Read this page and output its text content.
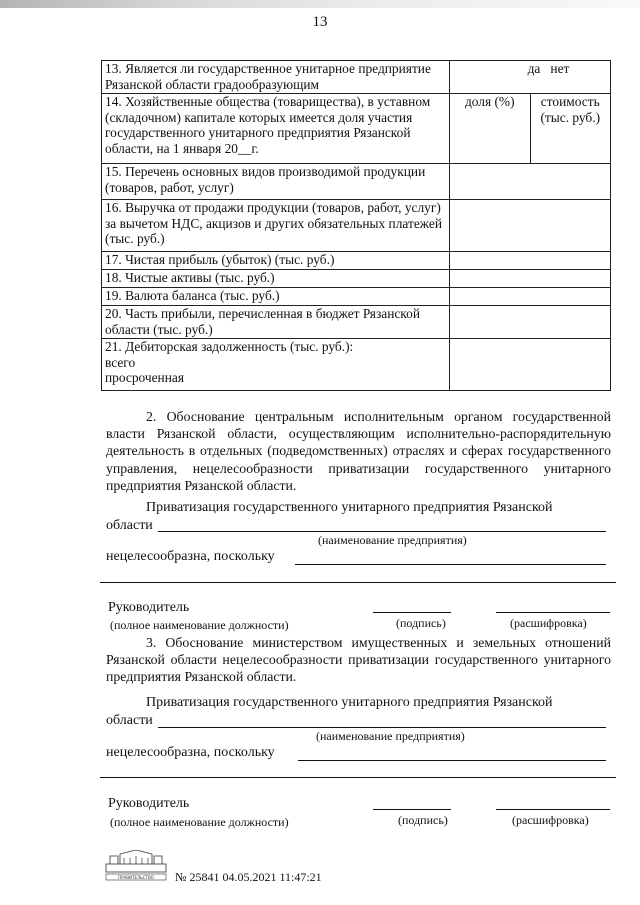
13
13. Является ли государственное унитарное предприятие Рязанской области градообразующим	да нет	
14. Хозяйственные общества (товарищества), в уставном (складочном) капитале которых имеется доля участия государственного унитарного предприятия Рязанской области, на 1 января 20__г.	доля (%)	стоимость (тыс. руб.)
15. Перечень основных видов производимой продукции (товаров, работ, услуг)		
16. Выручка от продажи продукции (товаров, работ, услуг) за вычетом НДС, акцизов и других обязательных платежей (тыс. руб.)		
17. Чистая прибыль (убыток) (тыс. руб.)		
18. Чистые активы (тыс. руб.)		
19. Валюта баланса (тыс. руб.)		
20. Часть прибыли, перечисленная в бюджет Рязанской области (тыс. руб.)		

21. Дебиторская задолженность (тыс. руб.):
всего
просроченная		

2. Обоснование центральным исполнительным органом государственной власти Рязанской области, осуществляющим исполнительно-распорядительную деятельность в отдельных (подведомственных) отраслях и сферах государственного управления, нецелесообразности приватизации государственного унитарного предприятия Рязанской области.

Приватизация государственного унитарного предприятия Рязанской
области
(наименование предприятия)
нецелесообразна, поскольку
Руководитель
(полное наименование должности)	(подпись)	(расшифровка)

3. Обоснование министерством имущественных и земельных отношений Рязанской области нецелесообразности приватизации государственного унитарного предприятия Рязанской области.

Приватизация государственного унитарного предприятия Рязанской
области
(наименование предприятия)
нецелесообразна, поскольку
Руководитель
(полное наименование должности)	(подпись)	(расшифровка)
ПРАВИТЕЛЬСТВО № 25841 04.05.2021 11:47:21
